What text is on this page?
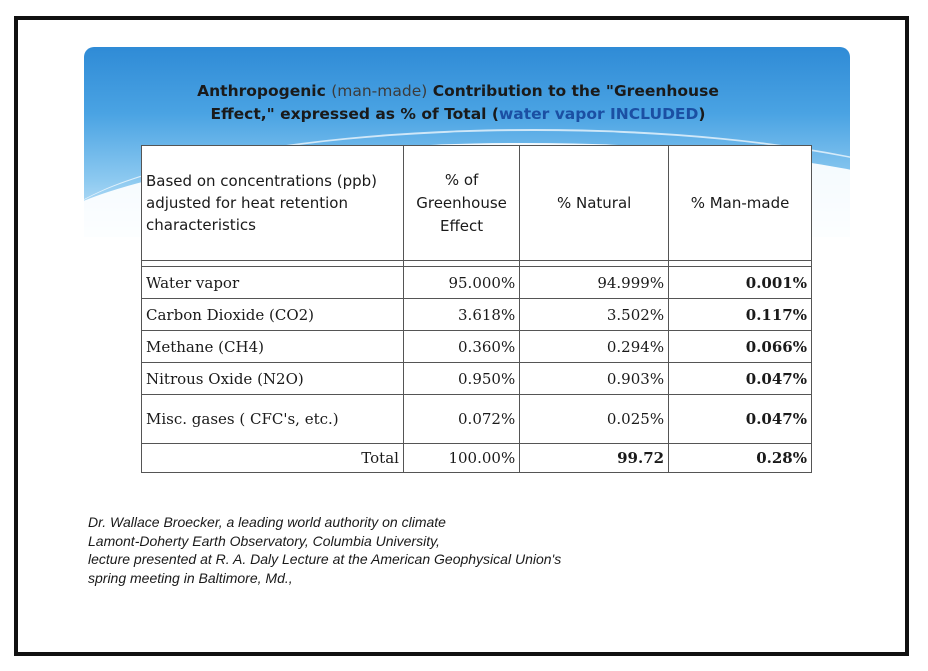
Anthropogenic (man-made) Contribution to the "Greenhouse
Effect," expressed as % of Total (water vapor INCLUDED)
Based on concentrations (ppb) adjusted for heat retention characteristics	% of Greenhouse Effect	% Natural	% Man-made

Water vapor	95.000%	94.999%	0.001%
Carbon Dioxide (CO2)	3.618%	3.502%	0.117%
Methane (CH4)	0.360%	0.294%	0.066%
Nitrous Oxide (N2O)	0.950%	0.903%	0.047%
Misc. gases ( CFC's, etc.)	0.072%	0.025%	0.047%
Total	100.00%	99.72	0.28%
Dr. Wallace Broecker, a leading world authority on climate
Lamont-Doherty Earth Observatory, Columbia University,
lecture presented at R. A. Daly Lecture at the American Geophysical Union's
spring meeting in Baltimore, Md.,
